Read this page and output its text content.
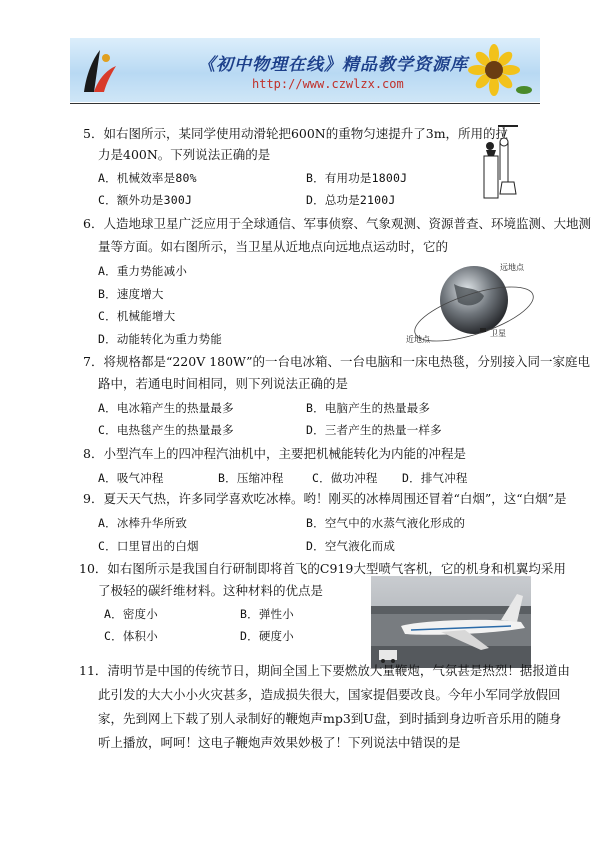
《初中物理在线》精品教学资源库
http://www.czwlzx.com
5．如右图所示，某同学使用动滑轮把600N的重物匀速提升了3m，所用的拉
力是400N。下列说法正确的是
A．机械效率是80%	B．有用功是1800J
C．额外功是300J	D．总功是2100J
6．人造地球卫星广泛应用于全球通信、军事侦察、气象观测、资源普查、环境监测、大地测
量等方面。如右图所示，当卫星从近地点向远地点运动时，它的
A．重力势能减小
B．速度增大
C．机械能增大
D．动能转化为重力势能
远地点
近地点
卫星
7．将规格都是“220V 180W”的一台电冰箱、一台电脑和一床电热毯，分别接入同一家庭电
路中，若通电时间相同，则下列说法正确的是
A．电冰箱产生的热量最多	B．电脑产生的热量最多
C．电热毯产生的热量最多	D．三者产生的热量一样多
8．小型汽车上的四冲程汽油机中，主要把机械能转化为内能的冲程是
A．吸气冲程	B．压缩冲程 C．做功冲程 D．排气冲程
9．夏天天气热，许多同学喜欢吃冰棒。哟！刚买的冰棒周围还冒着“白烟”，这“白烟”是
A．冰棒升华所致	B．空气中的水蒸气液化形成的
C．口里冒出的白烟	D．空气液化而成
10．如右图所示是我国自行研制即将首飞的C919大型喷气客机，它的机身和机翼均采用
了极轻的碳纤维材料。这种材料的优点是
A．密度小	B．弹性小
C．体积小	D．硬度小
11．清明节是中国的传统节日，期间全国上下要燃放大量鞭炮，气氛甚是热烈！据报道由
此引发的大大小小火灾甚多，造成损失很大，国家提倡要改良。今年小军同学放假回
家，先到网上下载了别人录制好的鞭炮声mp3到U盘，到时插到身边听音乐用的随身
听上播放，呵呵！这电子鞭炮声效果妙极了！下列说法中错误的是
